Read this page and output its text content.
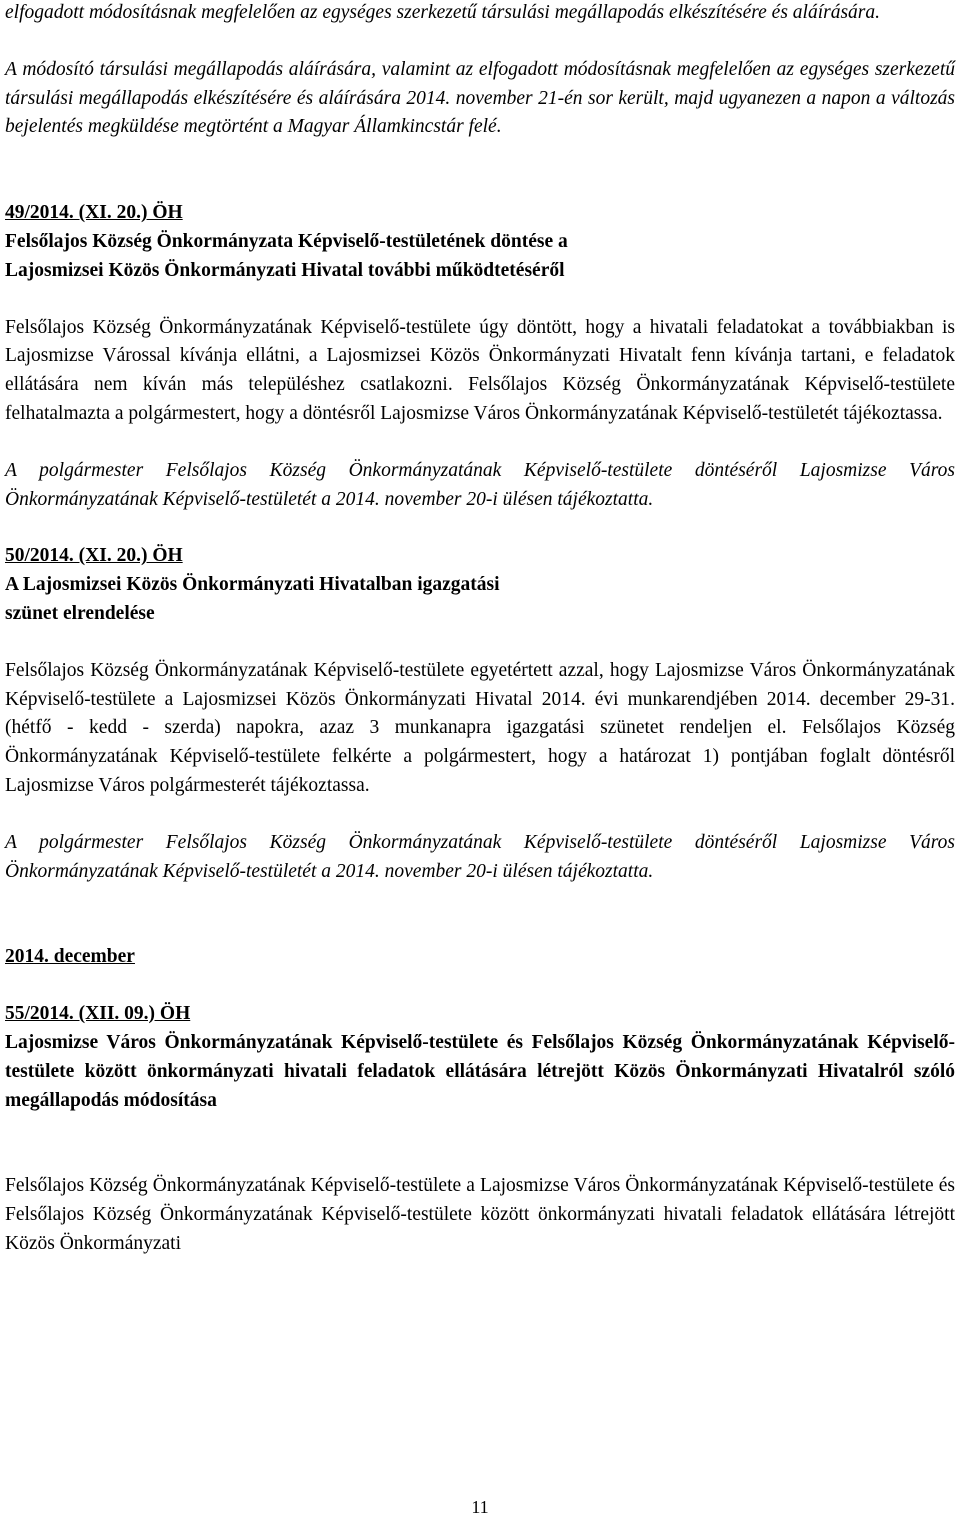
elfogadott módosításnak megfelelően az egységes szerkezetű társulási megállapodás elkészítésére és aláírására.

A módosító társulási megállapodás aláírására, valamint az elfogadott módosításnak megfelelően az egységes szerkezetű társulási megállapodás elkészítésére és aláírására 2014. november 21-én sor került, majd ugyanezen a napon a változás bejelentés megküldése megtörtént a Magyar Államkincstár felé.

49/2014. (XI. 20.) ÖH

Felsőlajos Község Önkormányzata Képviselő-testületének döntése a Lajosmizsei Közös Önkormányzati Hivatal további működtetéséről

Felsőlajos Község Önkormányzatának Képviselő-testülete úgy döntött, hogy a hivatali feladatokat a továbbiakban is Lajosmizse Várossal kívánja ellátni, a Lajosmizsei Közös Önkormányzati Hivatalt fenn kívánja tartani, e feladatok ellátására nem kíván más településhez csatlakozni. Felsőlajos Község Önkormányzatának Képviselő-testülete felhatalmazta a polgármestert, hogy a döntésről Lajosmizse Város Önkormányzatának Képviselő-testületét tájékoztassa.

A polgármester Felsőlajos Község Önkormányzatának Képviselő-testülete döntéséről Lajosmizse Város Önkormányzatának Képviselő-testületét a 2014. november 20-i ülésen tájékoztatta.

50/2014. (XI. 20.) ÖH

A Lajosmizsei Közös Önkormányzati Hivatalban igazgatási szünet elrendelése

Felsőlajos Község Önkormányzatának Képviselő-testülete egyetértett azzal, hogy Lajosmizse Város Önkormányzatának Képviselő-testülete a Lajosmizsei Közös Önkormányzati Hivatal 2014. évi munkarendjében 2014. december 29-31. (hétfő - kedd - szerda) napokra, azaz 3 munkanapra igazgatási szünetet rendeljen el. Felsőlajos Község Önkormányzatának Képviselő-testülete felkérte a polgármestert, hogy a határozat 1) pontjában foglalt döntésről Lajosmizse Város polgármesterét tájékoztassa.

A polgármester Felsőlajos Község Önkormányzatának Képviselő-testülete döntéséről Lajosmizse Város Önkormányzatának Képviselő-testületét a 2014. november 20-i ülésen tájékoztatta.

2014. december

55/2014. (XII. 09.) ÖH

Lajosmizse Város Önkormányzatának Képviselő-testülete és Felsőlajos Község Önkormányzatának Képviselő-testülete között önkormányzati hivatali feladatok ellátására létrejött Közös Önkormányzati Hivatalról szóló megállapodás módosítása

Felsőlajos Község Önkormányzatának Képviselő-testülete a Lajosmizse Város Önkormányzatának Képviselő-testülete és Felsőlajos Község Önkormányzatának Képviselő-testülete között önkormányzati hivatali feladatok ellátására létrejött Közös Önkormányzati

11
